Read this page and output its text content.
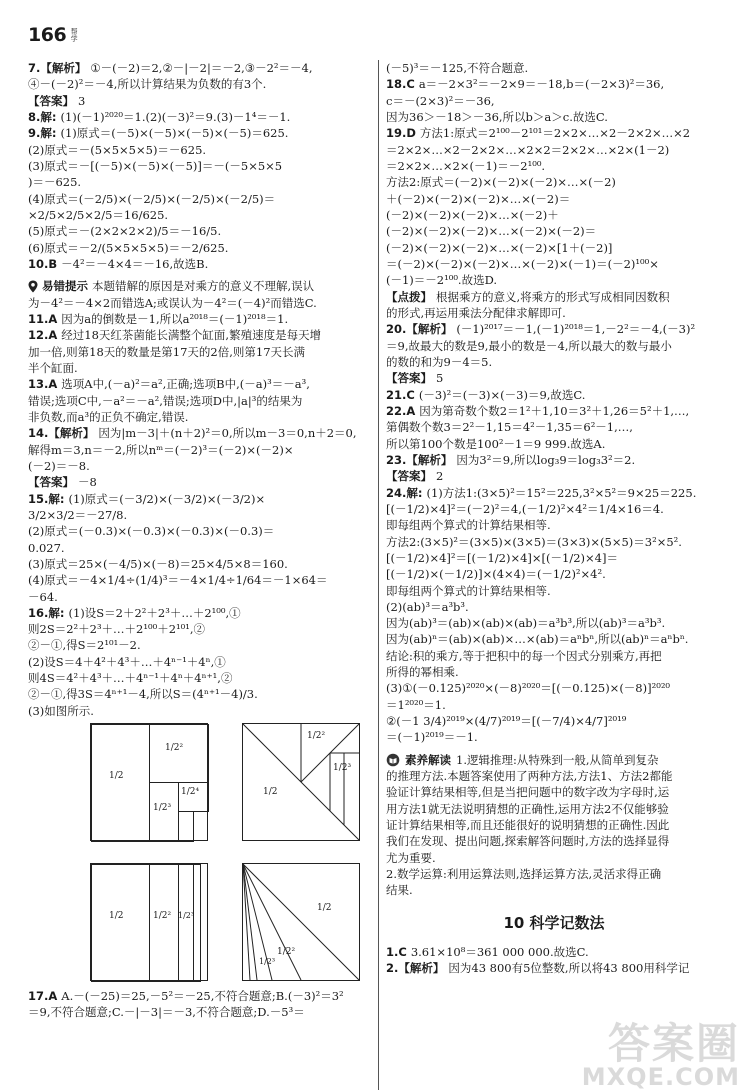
166 帮学

7.【解析】 ①－(－2)＝2,②－|－2|＝－2,③－2²＝－4,

④－(－2)²＝－4,所以计算结果为负数的有3个.

【答案】 3

8.解: (1)(－1)²⁰²⁰＝1.(2)(－3)²＝9.(3)－1⁴＝－1.

9.解: (1)原式＝(－5)×(－5)×(－5)×(－5)＝625.

(2)原式＝－(5×5×5×5)＝－625.

(3)原式＝－[(－5)×(－5)×(－5)]＝－(－5×5×5

)＝－625.

(4)原式＝(－2/5)×(－2/5)×(－2/5)×(－2/5)＝

×2/5×2/5×2/5＝16/625.

(5)原式＝－(2×2×2×2)/5＝－16/5.

(6)原式＝－2/(5×5×5×5)＝－2/625.

10.B －4²＝－4×4＝－16,故选B.

易错提示 本题错解的原因是对乘方的意义不理解,误认

为－4²＝－4×2而错选A;或误认为－4²＝(－4)²而错选C.

11.A 因为a的倒数是－1,所以a²⁰¹⁸＝(－1)²⁰¹⁸＝1.

12.A 经过18天红茶菌能长满整个缸面,繁殖速度是每天增

加一倍,则第18天的数量是第17天的2倍,则第17天长满

半个缸面.

13.A 选项A中,(－a)²＝a²,正确;选项B中,(－a)³＝－a³,

错误;选项C中,－a²＝－a²,错误;选项D中,|a|³的结果为

非负数,而a³的正负不确定,错误.

14.【解析】 因为|m－3|＋(n＋2)²＝0,所以m－3＝0,n＋2＝0,

解得m＝3,n＝－2,所以nᵐ＝(－2)³＝(－2)×(－2)×

(－2)＝－8.

【答案】 －8

15.解: (1)原式＝(－3/2)×(－3/2)×(－3/2)×

3/2×3/2＝－27/8.

(2)原式＝(－0.3)×(－0.3)×(－0.3)×(－0.3)＝

0.027.

(3)原式＝25×(－4/5)×(－8)＝25×4/5×8＝160.

(4)原式＝－4×1/4÷(1/4)³＝－4×1/4÷1/64＝－1×64＝

－64.

16.解: (1)设S＝2＋2²＋2³＋…＋2¹⁰⁰,①

则2S＝2²＋2³＋…＋2¹⁰⁰＋2¹⁰¹,②

②－①,得S＝2¹⁰¹－2.

(2)设S＝4＋4²＋4³＋…＋4ⁿ⁻¹＋4ⁿ,①

则4S＝4²＋4³＋…＋4ⁿ⁻¹＋4ⁿ＋4ⁿ⁺¹,②

②－①,得3S＝4ⁿ⁺¹－4,所以S＝(4ⁿ⁺¹－4)/3.

(3)如图所示.

1/2
1/2²
1/2³
1/2⁴	1/2
1/2²
1/2³
1/2	1/2² 1/2³
1/2
1/2²
1/2³

17.A A.－(－25)＝25,－5²＝－25,不符合题意;B.(－3)²＝3²

＝9,不符合题意;C.－|－3|＝－3,不符合题意;D.－5³＝

(－5)³＝－125,不符合题意.

18.C a＝－2×3²＝－2×9＝－18,b＝(－2×3)²＝36,

c＝－(2×3)²＝－36,

因为36＞－18＞－36,所以b＞a＞c.故选C.

19.D 方法1:原式＝2¹⁰⁰－2¹⁰¹＝2×2×…×2－2×2×…×2

＝2×2×…×2－2×2×…×2×2＝2×2×…×2×(1－2)

＝2×2×…×2×(－1)＝－2¹⁰⁰.

方法2:原式＝(－2)×(－2)×(－2)×…×(－2)

＋(－2)×(－2)×(－2)×…×(－2)＝

(－2)×(－2)×(－2)×…×(－2)＋

(－2)×(－2)×(－2)×…×(－2)×(－2)＝

(－2)×(－2)×(－2)×…×(－2)×[1＋(－2)]

＝(－2)×(－2)×(－2)×…×(－2)×(－1)＝(－2)¹⁰⁰×

(－1)＝－2¹⁰⁰.故选D.

【点拨】 根据乘方的意义,将乘方的形式写成相同因数积

的形式,再运用乘法分配律求解即可.

20.【解析】 (－1)²⁰¹⁷＝－1,(－1)²⁰¹⁸＝1,－2²＝－4,(－3)²

＝9,故最大的数是9,最小的数是－4,所以最大的数与最小

的数的和为9－4＝5.

【答案】 5

21.C (－3)²＝(－3)×(－3)＝9,故选C.

22.A 因为第奇数个数2＝1²＋1,10＝3²＋1,26＝5²＋1,…,

第偶数个数3＝2²－1,15＝4²－1,35＝6²－1,…,

所以第100个数是100²－1＝9 999.故选A.

23.【解析】 因为3²＝9,所以log₃9＝log₃3²＝2.

【答案】 2

24.解: (1)方法1:(3×5)²＝15²＝225,3²×5²＝9×25＝225.

[(－1/2)×4]²＝(－2)²＝4,(－1/2)²×4²＝1/4×16＝4.

即每组两个算式的计算结果相等.

方法2:(3×5)²＝(3×5)×(3×5)＝(3×3)×(5×5)＝3²×5².

[(－1/2)×4]²＝[(－1/2)×4]×[(－1/2)×4]＝

[(－1/2)×(－1/2)]×(4×4)＝(－1/2)²×4².

即每组两个算式的计算结果相等.

(2)(ab)³＝a³b³.

因为(ab)³＝(ab)×(ab)×(ab)＝a³b³,所以(ab)³＝a³b³.

因为(ab)ⁿ＝(ab)×(ab)×…×(ab)＝aⁿbⁿ,所以(ab)ⁿ＝aⁿbⁿ.

结论:积的乘方,等于把积中的每一个因式分别乘方,再把

所得的幂相乘.

(3)①(－0.125)²⁰²⁰×(－8)²⁰²⁰＝[(－0.125)×(－8)]²⁰²⁰

＝1²⁰²⁰＝1.

②(－1 3/4)²⁰¹⁹×(4/7)²⁰¹⁹＝[(－7/4)×4/7]²⁰¹⁹

＝(－1)²⁰¹⁹＝－1.

素养解读 1.逻辑推理:从特殊到一般,从简单到复杂

的推理方法.本题答案使用了两种方法,方法1、方法2都能

验证计算结果相等,但是当把问题中的数字改为字母时,运

用方法1就无法说明猜想的正确性,运用方法2不仅能够验

证计算结果相等,而且还能很好的说明猜想的正确性.因此

我们在发现、提出问题,探索解答问题时,方法的选择显得

尤为重要.

2.数学运算:利用运算法则,选择运算方法,灵活求得正确

结果.

10 科学记数法

1.C 3.61×10⁸＝361 000 000.故选C.

2.【解析】 因为43 800有5位整数,所以将43 800用科学记

答案圈
MXQE.COM
